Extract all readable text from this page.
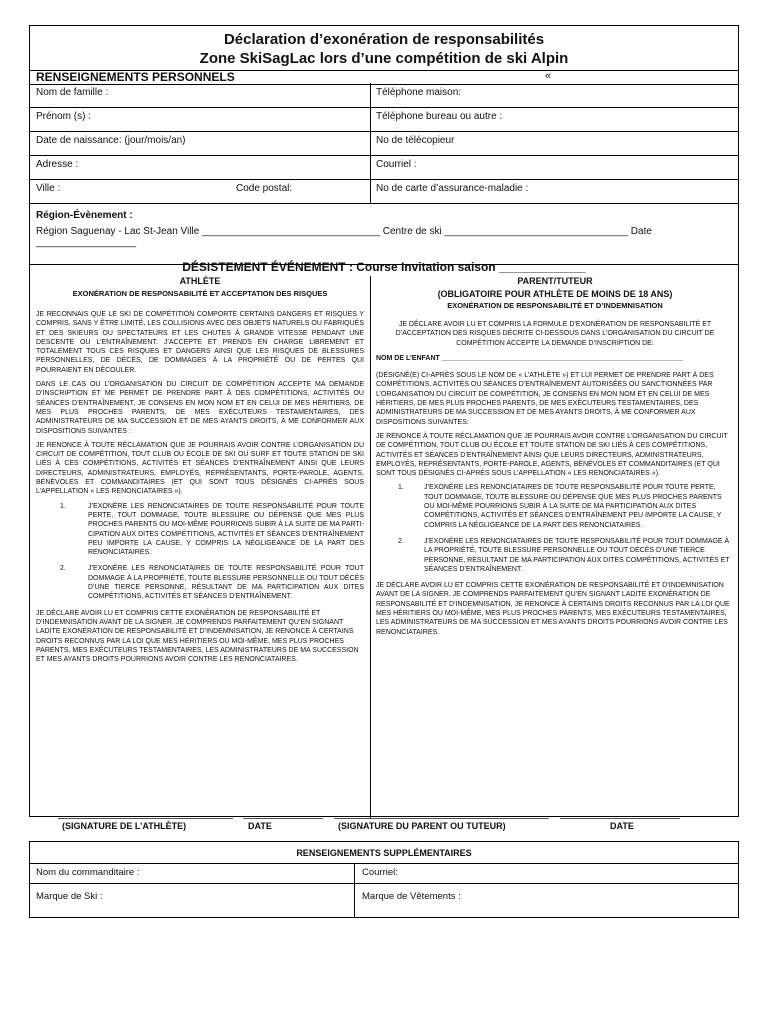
Déclaration d’exonération de responsabilités
Zone SkiSagLac lors d’une compétition de ski Alpin
RENSEIGNEMENTS PERSONNELS	«
Nom de famille :	Téléphone maison:
Prénom (s) :	Téléphone bureau ou autre :
Date de naissance: (jour/mois/an)	No de télécopieur
Adresse :	Courriel :
Ville :	Code postal:	No de carte d’assurance-maladie :
Région-Évènement :
Région Saguenay - Lac St-Jean Ville ________________________________ Centre de ski _________________________________ Date __________________
DÉSISTEMENT ÉVÉNEMENT : Course Invitation saison _____________
ATHLÈTE
EXONÉRATION DE RESPONSABILITÉ ET ACCEPTATION DES RISQUES

JE RECONNAIS QUE LE SKI DE COMPÉTITION COMPORTE CERTAINS DANGERS ET RISQUES Y COMPRIS, SANS Y ÊTRE LIMITÉ, LES COLLISIONS AVEC DES OBJETS NATURELS OU FABRIQUÉS ET DES SKIEURS OU SPECTATEURS ET LES CHUTES À GRANDE VITESSE PENDANT UNE DESCENTE OU L’ENTRAÎNEMENT. J’ACCEPTE ET PRENDS EN CHARGE LIBREMENT ET TOTALEMENT TOUS CES RISQUES ET DANGERS AINSI QUE LES RISQUES DE BLESSURES PERSONNELLES, DE DÉCÈS, DE DOMMAGES À LA PROPRIÉTÉ OU DE PERTES QUI POURRAIENT EN DÉCOULER.

DANS LE CAS OU L’ORGANISATION DU CIRCUIT DE COMPÉTITION ACCEPTE MA DEMANDE D’INSCRIPTION ET ME PERMET DE PRENDRE PART À DES COMPÉTITIONS, ACTIVITÉS OU SÉANCES D’ENTRAÎNEMENT, JE CONSENS EN MON NOM ET EN CELUI DE MES HÉRITIERS, DE MES PLUS PROCHES PARENTS, DE MES EXÉCUTEURS TESTAMENTAIRES, DES ADMINISTRATEURS DE MA SUCCESSION ET DE MES AYANTS DROITS, À ME CONFORMER AUX DISPOSITIONS SUIVANTES :

JE RENONCE À TOUTE RÉCLAMATION QUE JE POURRAIS AVOIR CONTRE L’ORGANISATION DU CIRCUIT DE COMPÉTITION, TOUT CLUB OU ÉCOLE DE SKI OU SURF ET TOUTE STATION DE SKI LIÉS À CES COMPÉTITIONS, ACTIVITÉS ET SÉANCES D’ENTRAÎNEMENT AINSI QUE LEURS DIRECTEURS, ADMINISTRATEURS, EMPLOYÉS, REPRÉSENTANTS, PORTE-PAROLE, AGENTS, BÉNÉVOLES ET COMMANDITAIRES (ET QUI SONT TOUS DÉSIGNÉS CI-APRÈS SOUS L’APPELLATION « LES RENONCIATAIRES »).

1.	J’EXONÈRE LES RENONCIATAIRES DE TOUTE RESPONSABILITÉ POUR TOUTE PERTE, TOUT DOMMAGE, TOUTE BLESSURE OU DÉPENSE QUE MES PLUS PROCHES PARENTS OU MOI-MÊME POURRIONS SUBIR À LA SUITE DE MA PARTI-CIPATION AUX DITES COMPÉTITIONS, ACTIVITÉS ET SÉANCES D’ENTRAÎNEMENT PEU IMPORTE LA CAUSE, Y COMPRIS LA NÉGLIGEANCE DE LA PART DES RENONCIATAIRES.
2.	J’EXONÈRE LES RENONCIATAIRES DE TOUTE RESPONSABILITÉ POUR TOUT DOMMAGE À LA PROPRIÉTÉ, TOUTE BLESSURE PERSONNELLE OU TOUT DÉCÈS D’UNE TIERCE PERSONNE, RÉSULTANT DE MA PARTICIPATION AUX DITES COMPÉTITIONS, ACTIVITÉS ET SÉANCES D’ENTRAÎNEMENT.

JE DÉCLARE AVOIR LU ET COMPRIS CETTE EXONÉRATION DE RESPONSABILITÉ ET D’INDEMNISATION AVANT DE LA SIGNER. JE COMPRENDS PARFAITEMENT QU’EN SIGNANT LADITE EXONÉRATION DE RESPONSABILITÉ ET D’INDEMNISATION, JE RENONCE À CERTAINS DROITS RECONNUS PAR LA LOI QUE MES HÉRITIERS OU MOI-MÊME, MES PLUS PROCHES PARENTS, MES EXÉCUTEURS TESTAMENTAIRES, LES ADMINISTRATEURS DE MA SUCCESSION ET MES AYANTS DROITS POURRIONS AVOIR CONTRE LES RENONCIATAIRES.

PARENT/TUTEUR
(OBLIGATOIRE POUR ATHLÈTE DE MOINS DE 18 ANS)
EXONÉRATION DE RESPONSABILITÉ ET D’INDEMNISATION

JE DÉCLARE AVOIR LU ET COMPRIS LA FORMULE D’EXONÉRATION DE RESPONSABILITÉ ET D’ACCEPTATION DES RISQUES DÉCRITE CI-DESSOUS DANS L’ORGANISATION DU CIRCUIT DE COMPÉTITION ACCEPTE LA DEMANDE D’INSCRIPTION DE:

NOM DE L’ENFANT ______________________________________________________________

(DÉSIGNÉ(E) CI-APRÈS SOUS LE NOM DE « L’ATHLÈTE ») ET LUI PERMET DE PRENDRE PART À DES COMPÉTITIONS, ACTIVITÉS OU SÉANCES D’ENTRAÎNEMENT AUTORISÉES OU SANCTIONNÉES PAR L’ORGANISATION DU CIRCUIT DE COMPÉTITION, JE CONSENS EN MON NOM ET EN CELUI DE MES HÉRITIERS, DE MES PLUS PROCHES PARENTS, DE MES EXÉCUTEURS TESTAMENTAIRES, DES ADMINISTRATEURS DE MA SUCCESSION ET DE MES AYANTS DROITS, À ME CONFORMER AUX DISPOSITIONS SUIVANTES:

JE RENONCE À TOUTE RÉCLAMATION QUE JE POURRAIS AVOIR CONTRE L’ORGANISATION DU CIRCUIT DE COMPÉTITION, TOUT CLUB OU ÉCOLE ET TOUTE STATION DE SKI LIÉS À CES COMPÉTITIONS, ACTIVITÉS ET SÉANCES D’ENTRAÎNEMENT AINSI QUE LEURS DIRECTEURS, ADMINISTRATEURS, EMPLOYÉS, REPRÉSENTANTS, PORTE-PAROLE, AGENTS, BÉNÉVOLES ET COMMANDITAIRES (ET QUI SONT TOUS DÉSIGNÉS CI-APRÈS SOUS L’APPELLATION « LES RENONCIATAIRES »).

1.	J’EXONÈRE LES RENONCIATAIRES DE TOUTE RESPONSABILITÉ POUR TOUTE PERTE, TOUT DOMMAGE, TOUTE BLESSURE OU DÉPENSE QUE MES PLUS PROCHES PARENTS OU MOI-MÊME POURRIONS SUBIR À LA SUITE DE MA PARTICIPATION AUX DITES COMPÉTITIONS, ACTIVITÉS ET SÉANCES D’ENTRAÎNEMENT PEU IMPORTE LA CAUSE, Y COMPRIS LA NÉGLIGEANCE DE LA PART DES RENONCIATAIRES.
2.	J’EXONÈRE LES RENONCIATAIRES DE TOUTE RESPONSABILITÉ POUR TOUT DOMMAGE À LA PROPRIÉTÉ, TOUTE BLESSURE PERSONNELLE OU TOUT DÉCÈS D’UNE TIERCE PERSONNE, RÉSULTANT DE MA PARTICIPATION AUX DITES COMPÉTITIONS, ACTIVITÉS ET SÉANCES D’ENTRAÎNEMENT.

JE DÉCLARE AVOIR LU ET COMPRIS CETTE EXONÉRATION DE RESPONSABILITÉ ET D’INDEMNISATION AVANT DE LA SIGNER. JE COMPRENDS PARFAITEMENT QU’EN SIGNANT LADITE EXONÉRATION DE RESPONSABILITÉ ET D’INDEMNISATION, JE RENONCE À CERTAINS DROITS RECONNUS PAR LA LOI QUE MES HÉRITIERS OU MOI-MÊME, MES PLUS PROCHES PARENTS, MES EXÉCUTEURS TESTAMENTAIRES, LES ADMINISTRATEURS DE MA SUCCESSION ET MES AYANTS DROITS POURRIONS AVOIR CONTRE LES RENONCIATAIRES.

(SIGNATURE DE L’ATHLÈTE)	DATE	(SIGNATURE DU PARENT OU TUTEUR)	DATE
RENSEIGNEMENTS SUPPLÉMENTAIRES
Nom du commanditaire :	Courriel:
Marque de Ski :	Marque de Vêtements :
